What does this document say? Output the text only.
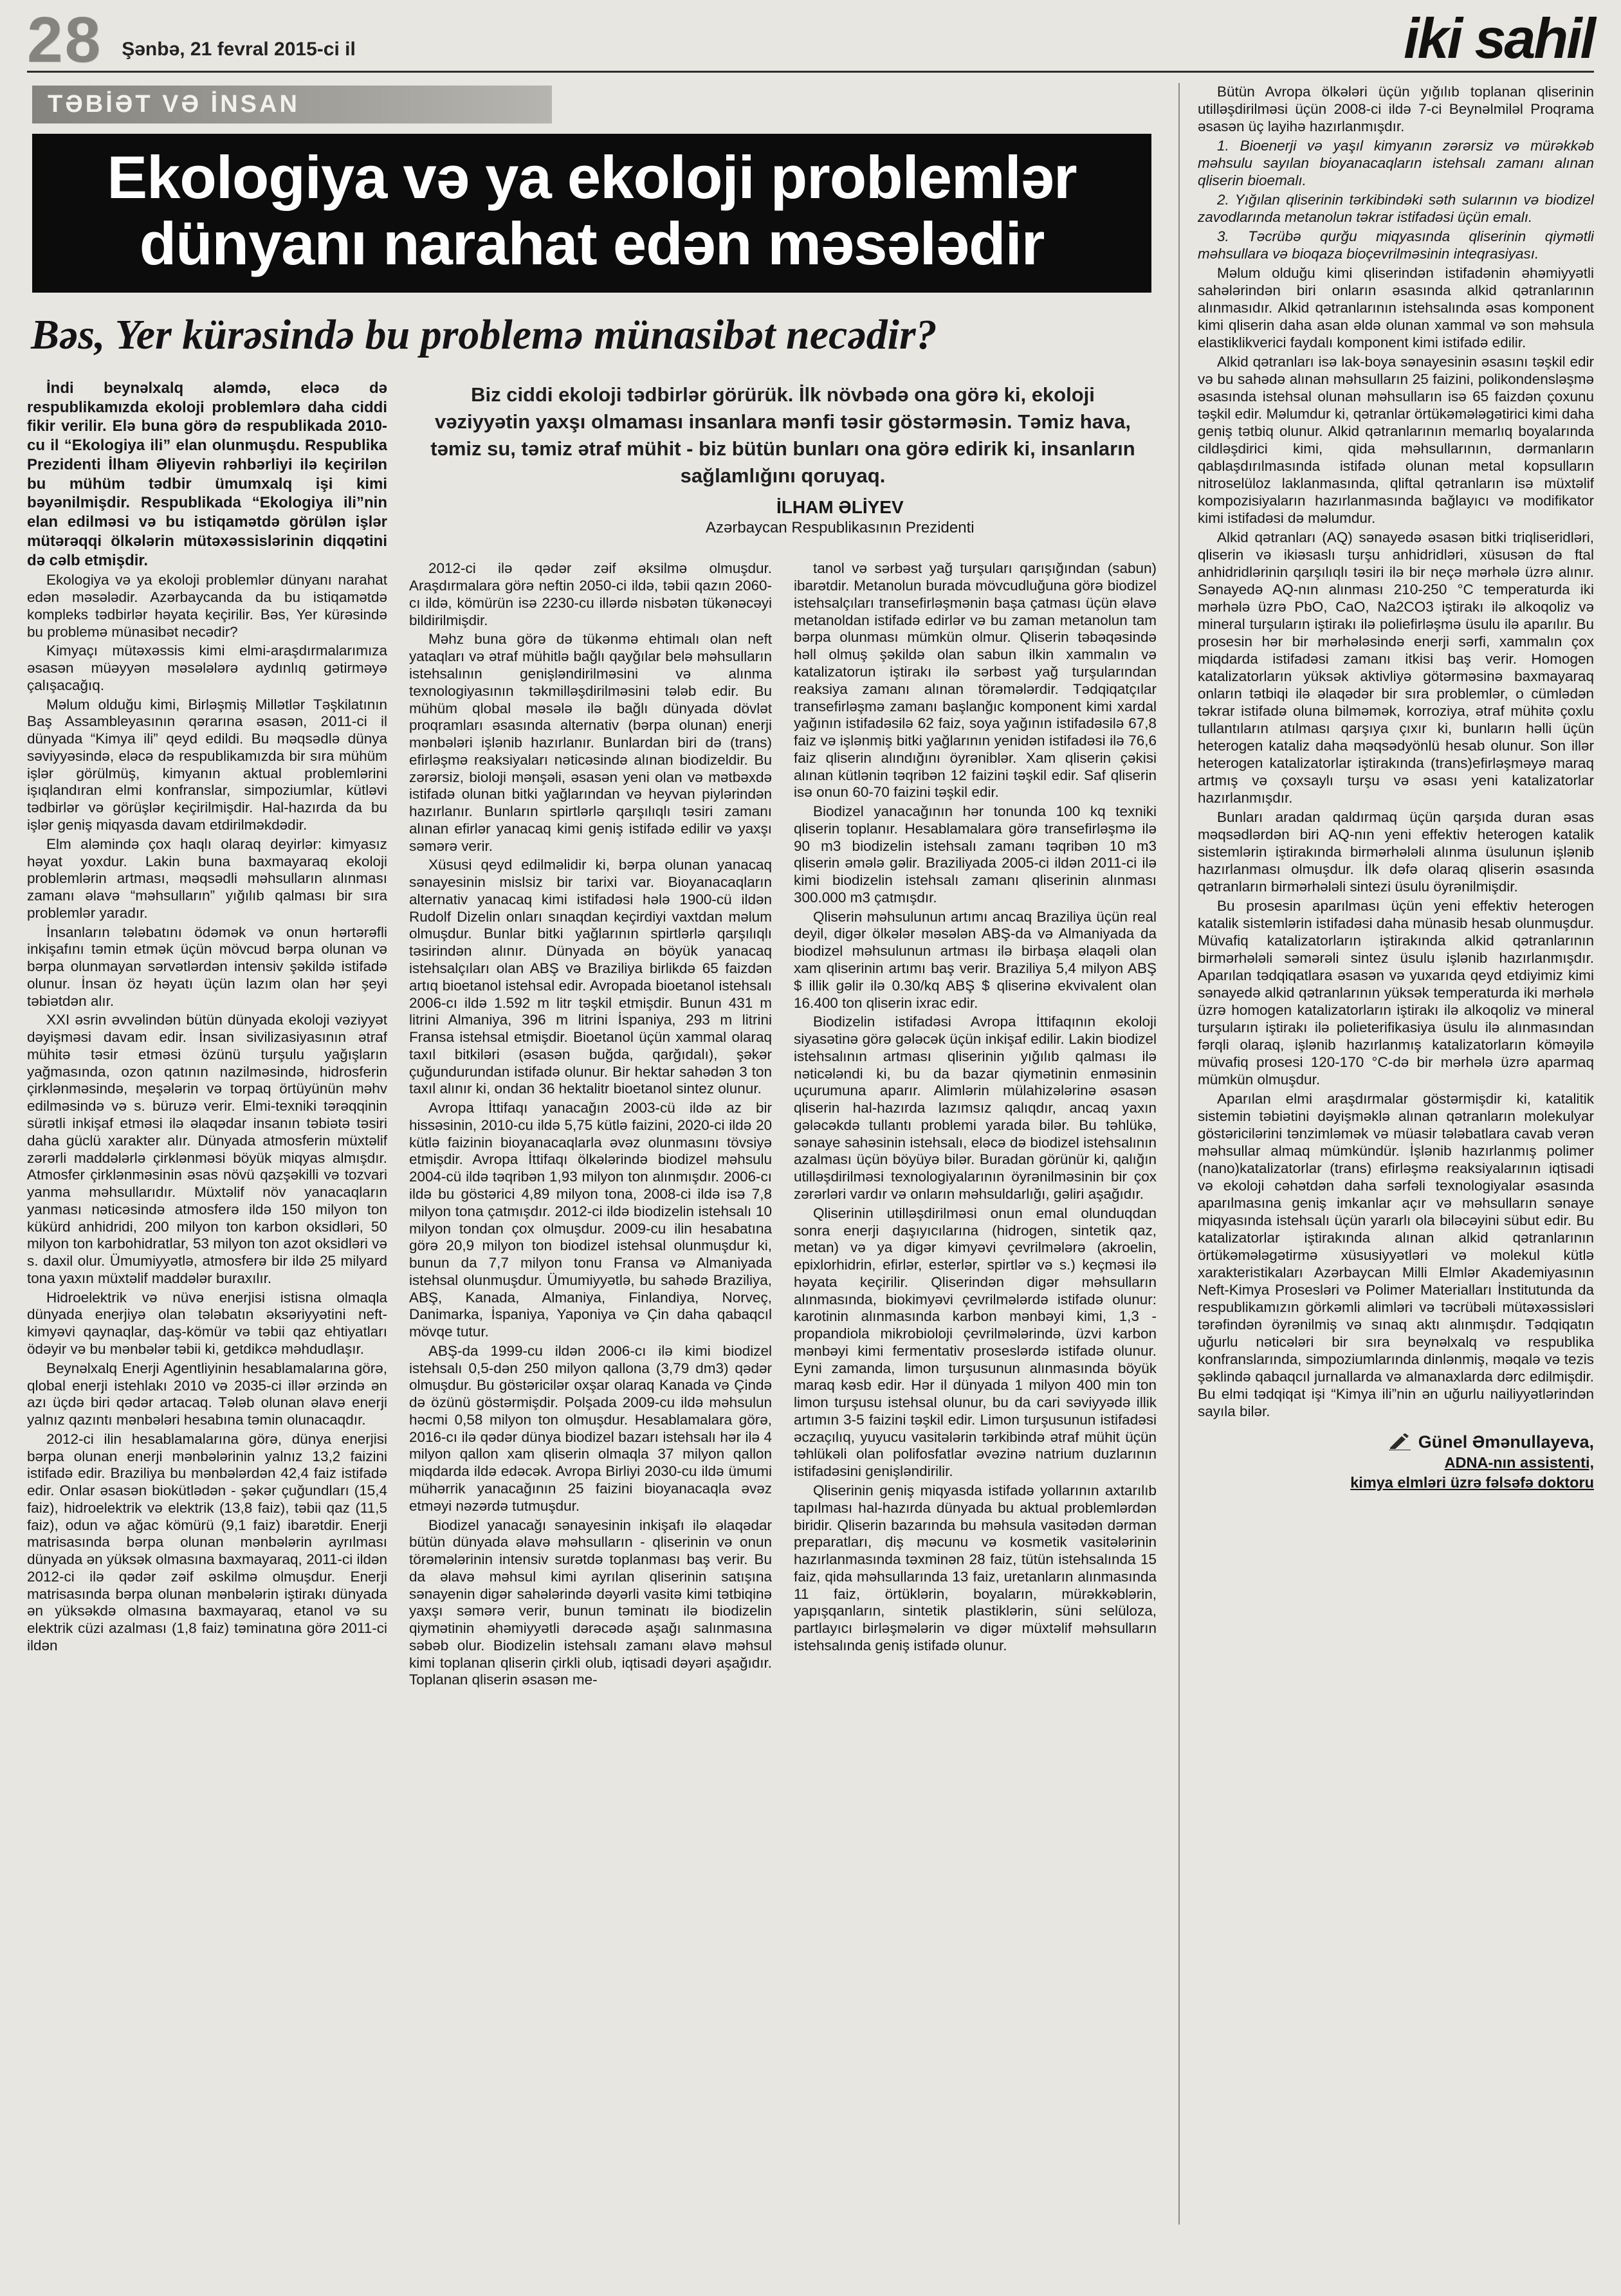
28 Şənbə, 21 fevral 2015-ci il	iki sahil
TƏBİƏT VƏ İNSAN
Ekologiya və ya ekoloji problemlər
dünyanı narahat edən məsələdir
Bəs, Yer kürəsində bu problemə münasibət necədir?

İndi beynəlxalq aləmdə, eləcə də respublikamızda ekoloji problemlərə daha ciddi fikir verilir. Elə buna görə də respublikada 2010-cu il “Ekologiya ili” elan olunmuşdu. Respublika Prezidenti İlham Əliyevin rəhbərliyi ilə keçirilən bu mühüm tədbir ümumxalq işi kimi bəyənilmişdir. Respublikada “Ekologiya ili”nin elan edilməsi və bu istiqamətdə görülən işlər mütərəqqi ölkələrin mütəxəssislərinin diqqətini də cəlb etmişdir.

Ekologiya və ya ekoloji problemlər dünyanı narahat edən məsələdir. Azərbaycanda da bu istiqamətdə kompleks tədbirlər həyata keçirilir. Bəs, Yer kürəsində bu problemə münasibət necədir?

Kimyaçı mütəxəssis kimi elmi-araşdırmalarımıza əsasən müəyyən məsələlərə aydınlıq gətirməyə çalışacağıq.

Məlum olduğu kimi, Birləşmiş Millətlər Təşkilatının Baş Assambleyasının qərarına əsasən, 2011-ci il dünyada “Kimya ili” qeyd edildi. Bu məqsədlə dünya səviyyəsində, eləcə də respublikamızda bir sıra mühüm işlər görülmüş, kimyanın aktual problemlərini işıqlandıran elmi konfranslar, simpoziumlar, kütləvi tədbirlər və görüşlər keçirilmişdir. Hal-hazırda da bu işlər geniş miqyasda davam etdirilməkdədir.

Elm aləmində çox haqlı olaraq deyirlər: kimyasız həyat yoxdur. Lakin buna baxmayaraq ekoloji problemlərin artması, məqsədli məhsulların alınması zamanı əlavə “məhsulların” yığılıb qalması bir sıra problemlər yaradır.

İnsanların tələbatını ödəmək və onun hərtərəfli inkişafını təmin etmək üçün mövcud bərpa olunan və bərpa olunmayan sərvətlərdən intensiv şəkildə istifadə olunur. İnsan öz həyatı üçün lazım olan hər şeyi təbiətdən alır.

XXI əsrin əvvəlindən bütün dünyada ekoloji vəziyyət dəyişməsi davam edir. İnsan sivilizasiyasının ətraf mühitə təsir etməsi özünü turşulu yağışların yağmasında, ozon qatının nazilməsində, hidrosferin çirklənməsində, meşələrin və torpaq örtüyünün məhv edilməsində və s. büruzə verir. Elmi-texniki tərəqqinin sürətli inkişaf etməsi ilə əlaqədar insanın təbiətə təsiri daha güclü xarakter alır. Dünyada atmosferin müxtəlif zərərli maddələrlə çirklənməsi böyük miqyas almışdır. Atmosfer çirklənməsinin əsas növü qazşəkilli və tozvari yanma məhsullarıdır. Müxtəlif növ yanacaqların yanması nəticəsində atmosferə ildə 150 milyon ton kükürd anhidridi, 200 milyon ton karbon oksidləri, 50 milyon ton karbohidratlar, 53 milyon ton azot oksidləri və s. daxil olur. Ümumiyyətlə, atmosferə bir ildə 25 milyard tona yaxın müxtəlif maddələr buraxılır.

Hidroelektrik və nüvə enerjisi istisna olmaqla dünyada enerjiyə olan tələbatın əksəriyyətini neft-kimyəvi qaynaqlar, daş-kömür və təbii qaz ehtiyatları ödəyir və bu mənbələr təbii ki, getdikcə məhdudlaşır.

Beynəlxalq Enerji Agentliyinin hesablamalarına görə, qlobal enerji istehlakı 2010 və 2035-ci illər ərzində ən azı üçdə biri qədər artacaq. Tələb olunan əlavə enerji yalnız qazıntı mənbələri hesabına təmin olunacaqdır.

2012-ci ilin hesablamalarına görə, dünya enerjisi bərpa olunan enerji mənbələrinin yalnız 13,2 faizini istifadə edir. Braziliya bu mənbələrdən 42,4 faiz istifadə edir. Onlar əsasən biokütlədən - şəkər çuğundları (15,4 faiz), hidroelektrik və elektrik (13,8 faiz), təbii qaz (11,5 faiz), odun və ağac kömürü (9,1 faiz) ibarətdir. Enerji matrisasında bərpa olunan mənbələrin ayrılması dünyada ən yüksək olmasına baxmayaraq, 2011-ci ildən 2012-ci ilə qədər zəif əskilmə olmuşdur. Enerji matrisasında bərpa olunan mənbələrin iştirakı dünyada ən yüksəkdə olmasına baxmayaraq, etanol və su elektrik cüzi azalması (1,8 faiz) təminatına görə 2011-ci ildən

Biz ciddi ekoloji tədbirlər görürük. İlk növbədə ona görə ki, ekoloji vəziyyətin yaxşı olmaması insanlara mənfi təsir göstərməsin. Təmiz hava, təmiz su, təmiz ətraf mühit - biz bütün bunları ona görə edirik ki, insanların sağlamlığını qoruyaq.

İLHAM ƏLİYEV
Azərbaycan Respublikasının Prezidenti

2012-ci ilə qədər zəif əksilmə olmuşdur. Araşdırmalara görə neftin 2050-ci ildə, təbii qazın 2060-cı ildə, kömürün isə 2230-cu illərdə nisbətən tükənəcəyi bildirilmişdir.

Məhz buna görə də tükənmə ehtimalı olan neft yataqları və ətraf mühitlə bağlı qayğılar belə məhsulların istehsalının genişləndirilməsini və alınma texnologiyasının təkmilləşdirilməsini tələb edir. Bu mühüm qlobal məsələ ilə bağlı dünyada dövlət proqramları əsasında alternativ (bərpa olunan) enerji mənbələri işlənib hazırlanır. Bunlardan biri də (trans) efirləşmə reaksiyaları nəticəsində alınan biodizeldir. Bu zərərsiz, bioloji mənşəli, əsasən yeni olan və mətbəxdə istifadə olunan bitki yağlarından və heyvan piylərindən hazırlanır. Bunların spirtlərlə qarşılıqlı təsiri zamanı alınan efirlər yanacaq kimi geniş istifadə edilir və yaxşı səmərə verir.

Xüsusi qeyd edilməlidir ki, bərpa olunan yanacaq sənayesinin mislsiz bir tarixi var. Bioyanacaqların alternativ yanacaq kimi istifadəsi hələ 1900-cü ildən Rudolf Dizelin onları sınaqdan keçirdiyi vaxtdan məlum olmuşdur. Bunlar bitki yağlarının spirtlərlə qarşılıqlı təsirindən alınır. Dünyada ən böyük yanacaq istehsalçıları olan ABŞ və Braziliya birlikdə 65 faizdən artıq bioetanol istehsal edir. Avropada bioetanol istehsalı 2006-cı ildə 1.592 m litr təşkil etmişdir. Bunun 431 m litrini Almaniya, 396 m litrini İspaniya, 293 m litrini Fransa istehsal etmişdir. Bioetanol üçün xammal olaraq taxıl bitkiləri (əsasən buğda, qarğıdalı), şəkər çuğundurundan istifadə olunur. Bir hektar sahədən 3 ton taxıl alınır ki, ondan 36 hektalitr bioetanol sintez olunur.

Avropa İttifaqı yanacağın 2003-cü ildə az bir hissəsinin, 2010-cu ildə 5,75 kütlə faizini, 2020-ci ildə 20 kütlə faizinin bioyanacaqlarla əvəz olunmasını tövsiyə etmişdir. Avropa İttifaqı ölkələrində biodizel məhsulu 2004-cü ildə təqribən 1,93 milyon ton alınmışdır. 2006-cı ildə bu göstərici 4,89 milyon tona, 2008-ci ildə isə 7,8 milyon tona çatmışdır. 2012-ci ildə biodizelin istehsalı 10 milyon tondan çox olmuşdur. 2009-cu ilin hesabatına görə 20,9 milyon ton biodizel istehsal olunmuşdur ki, bunun da 7,7 milyon tonu Fransa və Almaniyada istehsal olunmuşdur. Ümumiyyətlə, bu sahədə Braziliya, ABŞ, Kanada, Almaniya, Finlandiya, Norveç, Danimarka, İspaniya, Yaponiya və Çin daha qabaqcıl mövqe tutur.

ABŞ-da 1999-cu ildən 2006-cı ilə kimi biodizel istehsalı 0,5-dən 250 milyon qallona (3,79 dm3) qədər olmuşdur. Bu göstəricilər oxşar olaraq Kanada və Çində də özünü göstərmişdir. Polşada 2009-cu ildə məhsulun həcmi 0,58 milyon ton olmuşdur. Hesablamalara görə, 2016-cı ilə qədər dünya biodizel bazarı istehsalı hər ilə 4 milyon qallon xam qliserin olmaqla 37 milyon qallon miqdarda ildə edəcək. Avropa Birliyi 2030-cu ildə ümumi mühərrik yanacağının 25 faizini bioyanacaqla əvəz etməyi nəzərdə tutmuşdur.

Biodizel yanacağı sənayesinin inkişafı ilə əlaqədar bütün dünyada əlavə məhsulların - qliserinin və onun törəmələrinin intensiv surətdə toplanması baş verir. Bu da əlavə məhsul kimi ayrılan qliserinin satışına sənayenin digər sahələrində dəyərli vasitə kimi tətbiqinə yaxşı səmərə verir, bunun təminatı ilə biodizelin qiymətinin əhəmiyyətli dərəcədə aşağı salınmasına səbəb olur. Biodizelin istehsalı zamanı əlavə məhsul kimi toplanan qliserin çirkli olub, iqtisadi dəyəri aşağıdır. Toplanan qliserin əsasən me-

tanol və sərbəst yağ turşuları qarışığından (sabun) ibarətdir. Metanolun burada mövcudluğuna görə biodizel istehsalçıları transefirləşmənin başa çatması üçün əlavə metanoldan istifadə edirlər və bu zaman metanolun tam bərpa olunması mümkün olmur. Qliserin təbəqəsində həll olmuş şəkildə olan sabun ilkin xammalın və katalizatorun iştirakı ilə sərbəst yağ turşularından reaksiya zamanı alınan törəmələrdir. Tədqiqatçılar transefirləşmə zamanı başlanğıc komponent kimi xardal yağının istifadəsilə 62 faiz, soya yağının istifadəsilə 67,8 faiz və işlənmiş bitki yağlarının yenidən istifadəsi ilə 76,6 faiz qliserin alındığını öyrəniblər. Xam qliserin çəkisi alınan kütlənin təqribən 12 faizini təşkil edir. Saf qliserin isə onun 60-70 faizini təşkil edir.

Biodizel yanacağının hər tonunda 100 kq texniki qliserin toplanır. Hesablamalara görə transefirləşmə ilə 90 m3 biodizelin istehsalı zamanı təqribən 10 m3 qliserin əmələ gəlir. Braziliyada 2005-ci ildən 2011-ci ilə kimi biodizelin istehsalı zamanı qliserinin alınması 300.000 m3 çatmışdır.

Qliserin məhsulunun artımı ancaq Braziliya üçün real deyil, digər ölkələr məsələn ABŞ-da və Almaniyada da biodizel məhsulunun artması ilə birbaşa əlaqəli olan xam qliserinin artımı baş verir. Braziliya 5,4 milyon ABŞ $ illik gəlir ilə 0.30/kq ABŞ $ qliserinə ekvivalent olan 16.400 ton qliserin ixrac edir.

Biodizelin istifadəsi Avropa İttifaqının ekoloji siyasətinə görə gələcək üçün inkişaf edilir. Lakin biodizel istehsalının artması qliserinin yığılıb qalması ilə nəticələndi ki, bu da bazar qiymətinin enməsinin uçurumuna aparır. Alimlərin mülahizələrinə əsasən qliserin hal-hazırda lazımsız qalıqdır, ancaq yaxın gələcəkdə tullantı problemi yarada bilər. Bu təhlükə, sənaye sahəsinin istehsalı, eləcə də biodizel istehsalının azalması üçün böyüyə bilər. Buradan görünür ki, qalığın utilləşdirilməsi texnologiyalarının öyrənilməsinin bir çox zərərləri vardır və onların məhsuldarlığı, gəliri aşağıdır.

Qliserinin utilləşdirilməsi onun emal olunduqdan sonra enerji daşıyıcılarına (hidrogen, sintetik qaz, metan) və ya digər kimyəvi çevrilmələrə (akroelin, epixlorhidrin, efirlər, esterlər, spirtlər və s.) keçməsi ilə həyata keçirilir. Qliserindən digər məhsulların alınmasında, biokimyəvi çevrilmələrdə istifadə olunur: karotinin alınmasında karbon mənbəyi kimi, 1,3 - propandiola mikrobioloji çevrilmələrində, üzvi karbon mənbəyi kimi fermentativ proseslərdə istifadə olunur. Eyni zamanda, limon turşusunun alınmasında böyük maraq kəsb edir. Hər il dünyada 1 milyon 400 min ton limon turşusu istehsal olunur, bu da cari səviyyədə illik artımın 3-5 faizini təşkil edir. Limon turşusunun istifadəsi əczaçılıq, yuyucu vasitələrin tərkibində ətraf mühit üçün təhlükəli olan polifosfatlar əvəzinə natrium duzlarının istifadəsini genişləndirilir.

Qliserinin geniş miqyasda istifadə yollarının axtarılıb tapılması hal-hazırda dünyada bu aktual problemlərdən biridir. Qliserin bazarında bu məhsula vasitədən dərman preparatları, diş məcunu və kosmetik vasitələrinin hazırlanmasında təxminən 28 faiz, tütün istehsalında 15 faiz, qida məhsullarında 13 faiz, uretanların alınmasında 11 faiz, örtüklərin, boyaların, mürəkkəblərin, yapışqanların, sintetik plastiklərin, süni selüloza, partlayıcı birləşmələrin və digər müxtəlif məhsulların istehsalında geniş istifadə olunur.

Bütün Avropa ölkələri üçün yığılıb toplanan qliserinin utilləşdirilməsi üçün 2008-ci ildə 7-ci Beynəlmiləl Proqrama əsasən üç layihə hazırlanmışdır.

1. Bioenerji və yaşıl kimyanın zərərsiz və mürəkkəb məhsulu sayılan bioyanacaqların istehsalı zamanı alınan qliserin bioemalı.

2. Yığılan qliserinin tərkibindəki səth sularının və biodizel zavodlarında metanolun təkrar istifadəsi üçün emalı.

3. Təcrübə qurğu miqyasında qliserinin qiymətli məhsullara və bioqaza bioçevrilməsinin inteqrasiyası.

Məlum olduğu kimi qliserindən istifadənin əhəmiyyətli sahələrindən biri onların əsasında alkid qətranlarının alınmasıdır. Alkid qətranlarının istehsalında əsas komponent kimi qliserin daha asan əldə olunan xammal və son məhsula elastiklikverici faydalı komponent kimi istifadə edilir.

Alkid qətranları isə lak-boya sənayesinin əsasını təşkil edir və bu sahədə alınan məhsulların 25 faizini, polikondensləşmə əsasında istehsal olunan məhsulların isə 65 faizdən çoxunu təşkil edir. Məlumdur ki, qətranlar örtükəmələgətirici kimi daha geniş tətbiq olunur. Alkid qətranlarının memarlıq boyalarında cildləşdirici kimi, qida məhsullarının, dərmanların qablaşdırılmasında istifadə olunan metal kopsulların nitroselüloz laklanmasında, qliftal qətranların isə müxtəlif kompozisiyaların hazırlanmasında bağlayıcı və modifikator kimi istifadəsi də məlumdur.

Alkid qətranları (AQ) sənayedə əsasən bitki triqliseridləri, qliserin və ikiəsaslı turşu anhidridləri, xüsusən də ftal anhidridlərinin qarşılıqlı təsiri ilə bir neçə mərhələ üzrə alınır. Sənayedə AQ-nın alınması 210-250 °C temperaturda iki mərhələ üzrə PbO, CaO, Na2CO3 iştirakı ilə alkoqoliz və mineral turşuların iştirakı ilə poliefirləşmə üsulu ilə aparılır. Bu prosesin hər bir mərhələsində enerji sərfi, xammalın çox miqdarda istifadəsi zamanı itkisi baş verir. Homogen katalizatorların yüksək aktivliyə götərməsinə baxmayaraq onların tətbiqi ilə əlaqədər bir sıra problemlər, o cümlədən təkrar istifadə oluna bilməmək, korroziya, ətraf mühitə çoxlu tullantıların atılması qarşıya çıxır ki, bunların həlli üçün heterogen kataliz daha məqsədyönlü hesab olunur. Son illər heterogen katalizatorlar iştirakında (trans)efirləşməyə maraq artmış və çoxsaylı turşu və əsası yeni katalizatorlar hazırlanmışdır.

Bunları aradan qaldırmaq üçün qarşıda duran əsas məqsədlərdən biri AQ-nın yeni effektiv heterogen katalik sistemlərin iştirakında birmərhələli alınma üsulunun işlənib hazırlanması olmuşdur. İlk dəfə olaraq qliserin əsasında qətranların birmərhələli sintezi üsulu öyrənilmişdir.

Bu prosesin aparılması üçün yeni effektiv heterogen katalik sistemlərin istifadəsi daha münasib hesab olunmuşdur. Müvafiq katalizatorların iştirakında alkid qətranlarının birmərhələli səmərəli sintez üsulu işlənib hazırlanmışdır. Aparılan tədqiqatlara əsasən və yuxarıda qeyd etdiyimiz kimi sənayedə alkid qətranlarının yüksək temperaturda iki mərhələ üzrə homogen katalizatorların iştirakı ilə alkoqoliz və mineral turşuların iştirakı ilə polieterifikasiya üsulu ilə alınmasından fərqli olaraq, işlənib hazırlanmış katalizatorların köməyilə müvafiq prosesi 120-170 °C-də bir mərhələ üzrə aparmaq mümkün olmuşdur.

Aparılan elmi araşdırmalar göstərmişdir ki, katalitik sistemin təbiətini dəyişməklə alınan qətranların molekulyar göstəricilərini tənzimləmək və müasir tələbatlara cavab verən məhsullar almaq mümkündür. İşlənib hazırlanmış polimer (nano)katalizatorlar (trans) efirləşmə reaksiyalarının iqtisadi və ekoloji cəhətdən daha sərfəli texnologiyalar əsasında aparılmasına geniş imkanlar açır və məhsulların sənaye miqyasında istehsalı üçün yararlı ola biləcəyini sübut edir. Bu katalizatorlar iştirakında alınan alkid qətranlarının örtükəmələgətirmə xüsusiyyətləri və molekul kütlə xarakteristikaları Azərbaycan Milli Elmlər Akademiyasının Neft-Kimya Prosesləri və Polimer Materialları İnstitutunda da respublikamızın görkəmli alimləri və təcrübəli mütəxəssisləri tərəfindən öyrənilmiş və sınaq aktı alınmışdır. Tədqiqatın uğurlu nəticələri bir sıra beynəlxalq və respublika konfranslarında, simpoziumlarında dinlənmiş, məqalə və tezis şəklində qabaqcıl jurnallarda və almanaxlarda dərc edilmişdir. Bu elmi tədqiqat işi “Kimya ili”nin ən uğurlu nailiyyətlərindən sayıla bilər.

Günel Əmənullayeva,
ADNA-nın assistenti,
kimya elmləri üzrə fəlsəfə doktoru
